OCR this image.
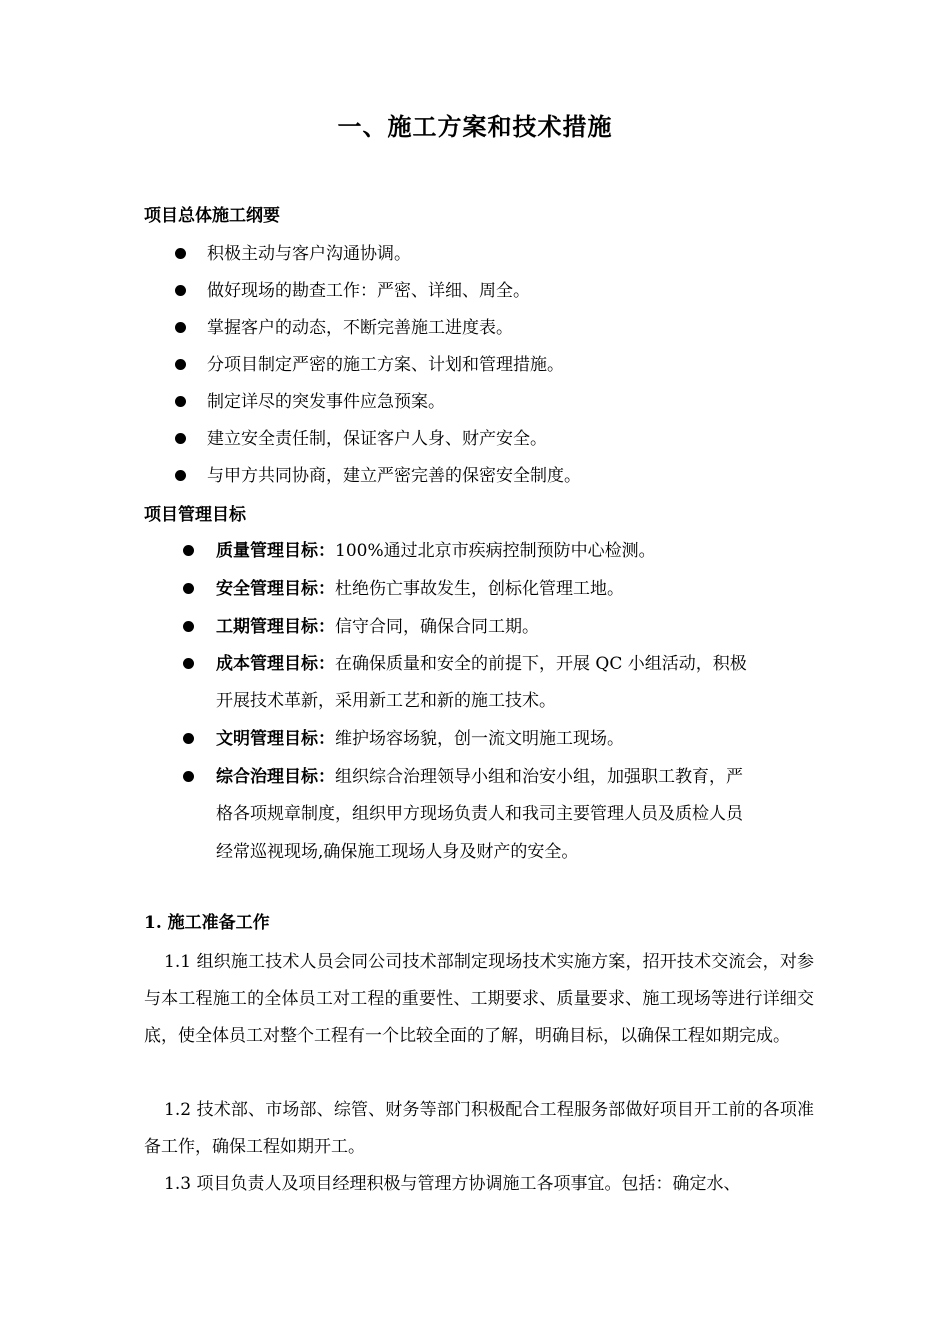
一、施工方案和技术措施
项目总体施工纲要
积极主动与客户沟通协调。
做好现场的勘查工作：严密、详细、周全。
掌握客户的动态，不断完善施工进度表。
分项目制定严密的施工方案、计划和管理措施。
制定详尽的突发事件应急预案。
建立安全责任制，保证客户人身、财产安全。
与甲方共同协商，建立严密完善的保密安全制度。
项目管理目标
质量管理目标：100%通过北京市疾病控制预防中心检测。
安全管理目标：杜绝伤亡事故发生，创标化管理工地。
工期管理目标：信守合同，确保合同工期。
成本管理目标：在确保质量和安全的前提下，开展 QC 小组活动，积极
开展技术革新，采用新工艺和新的施工技术。
文明管理目标：维护场容场貌，创一流文明施工现场。
综合治理目标：组织综合治理领导小组和治安小组，加强职工教育，严
格各项规章制度，组织甲方现场负责人和我司主要管理人员及质检人员
经常巡视现场,确保施工现场人身及财产的安全。
1. 施工准备工作

1.1 组织施工技术人员会同公司技术部制定现场技术实施方案，招开技术交流会，对参与本工程施工的全体员工对工程的重要性、工期要求、质量要求、施工现场等进行详细交底，使全体员工对整个工程有一个比较全面的了解，明确目标，以确保工程如期完成。

1.2 技术部、市场部、综管、财务等部门积极配合工程服务部做好项目开工前的各项准备工作，确保工程如期开工。

1.3 项目负责人及项目经理积极与管理方协调施工各项事宜。包括：确定水、
